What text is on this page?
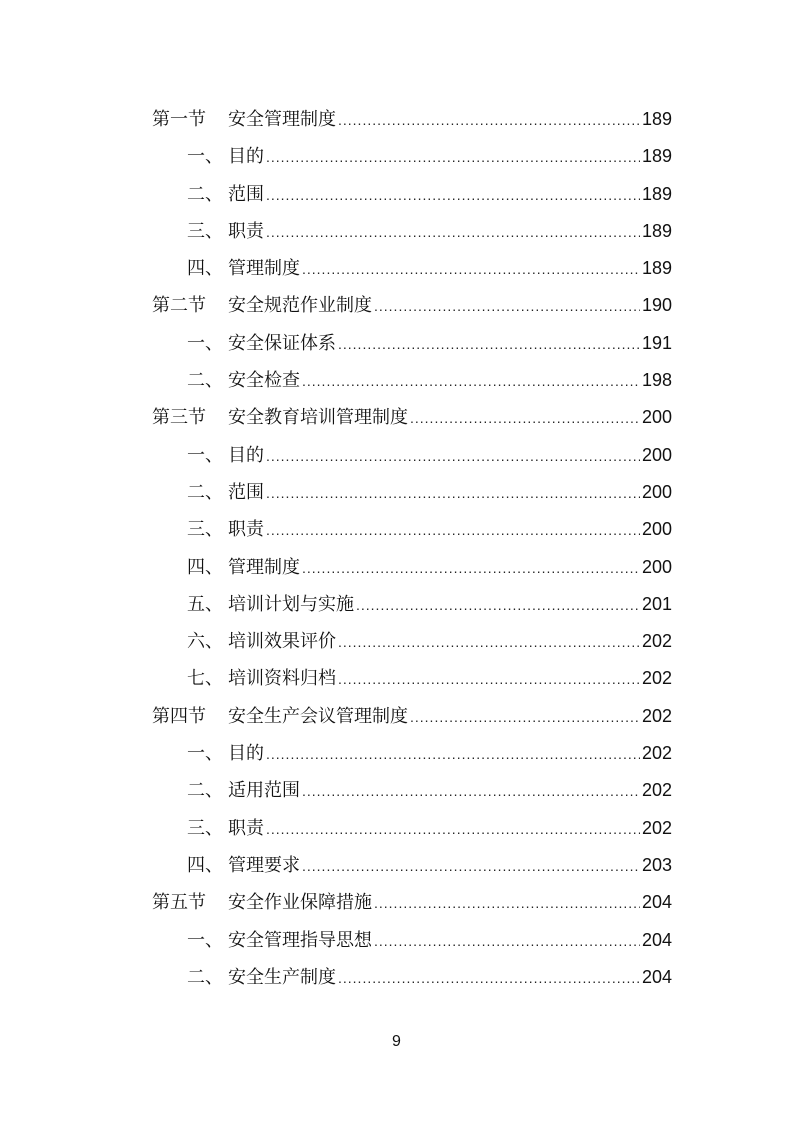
第一节	安全管理制度 .....	189
一、 目的 .....	189
二、 范围 .....	189
三、 职责 .....	189
四、 管理制度 .....	189
第二节	安全规范作业制度 .....	190
一、 安全保证体系 .....	191
二、 安全检查 .....	198
第三节	安全教育培训管理制度 .....	200
一、 目的 .....	200
二、 范围 .....	200
三、 职责 .....	200
四、 管理制度 .....	200
五、 培训计划与实施 .....	201
六、 培训效果评价 .....	202
七、 培训资料归档 .....	202
第四节	安全生产会议管理制度 .....	202
一、 目的 .....	202
二、 适用范围 .....	202
三、 职责 .....	202
四、 管理要求 .....	203
第五节	安全作业保障措施 .....	204
一、 安全管理指导思想 .....	204
二、 安全生产制度 .....	204
9
